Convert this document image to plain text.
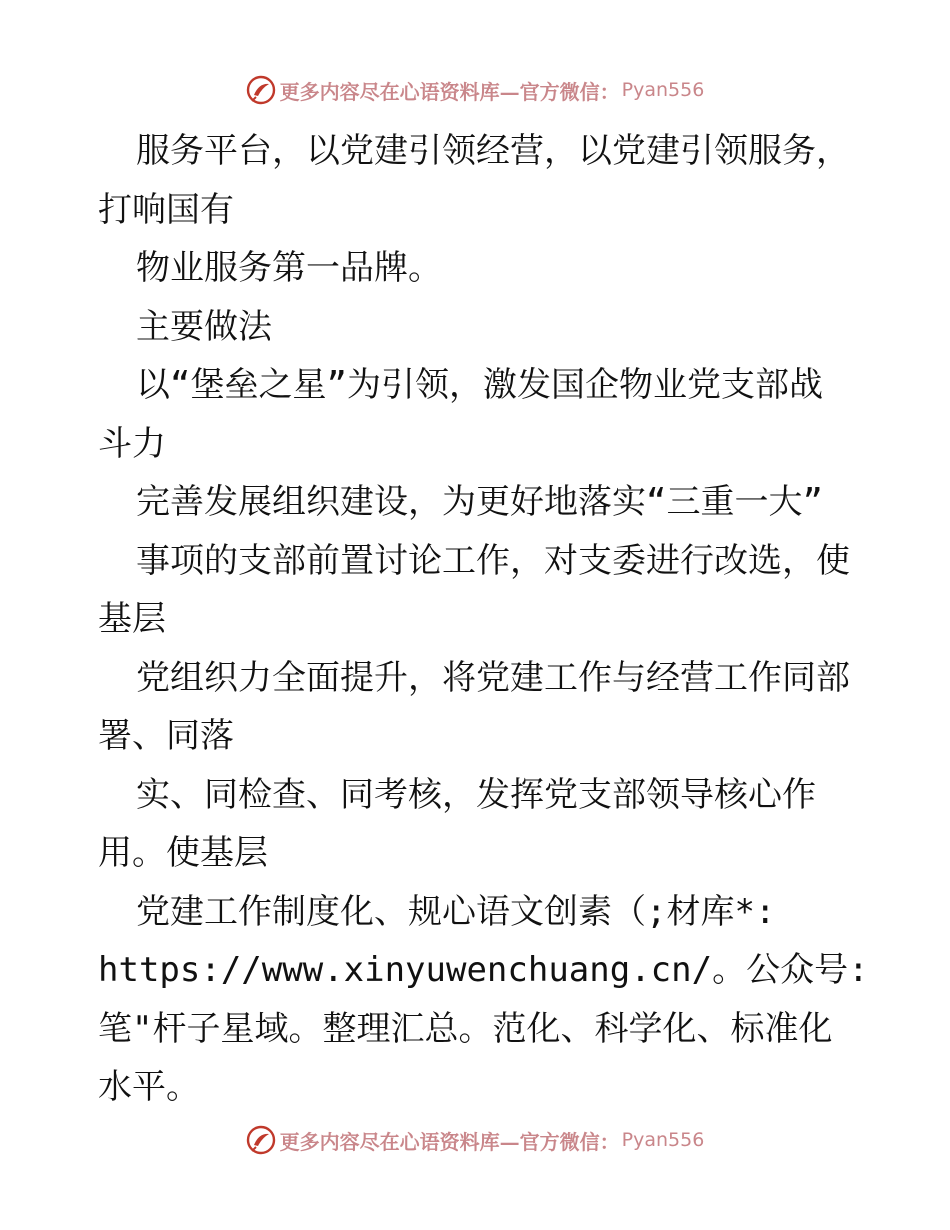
更多内容尽在心语资料库—官方微信： Pyan556
服务平台，以党建引领经营，以党建引领服务，
打响国有
物业服务第一品牌。
主要做法
以“堡垒之星”为引领，激发国企物业党支部战
斗力
完善发展组织建设，为更好地落实“三重一大”
事项的支部前置讨论工作，对支委进行改选，使
基层
党组织力全面提升，将党建工作与经营工作同部
署、同落
实、同检查、同考核，发挥党支部领导核心作
用。使基层
党建工作制度化、规心语文创素（;材库*:
https://www.xinyuwenchuang.cn/。公众号:
笔"杆子星域。整理汇总。范化、科学化、标准化
水平。
更多内容尽在心语资料库—官方微信： Pyan556
